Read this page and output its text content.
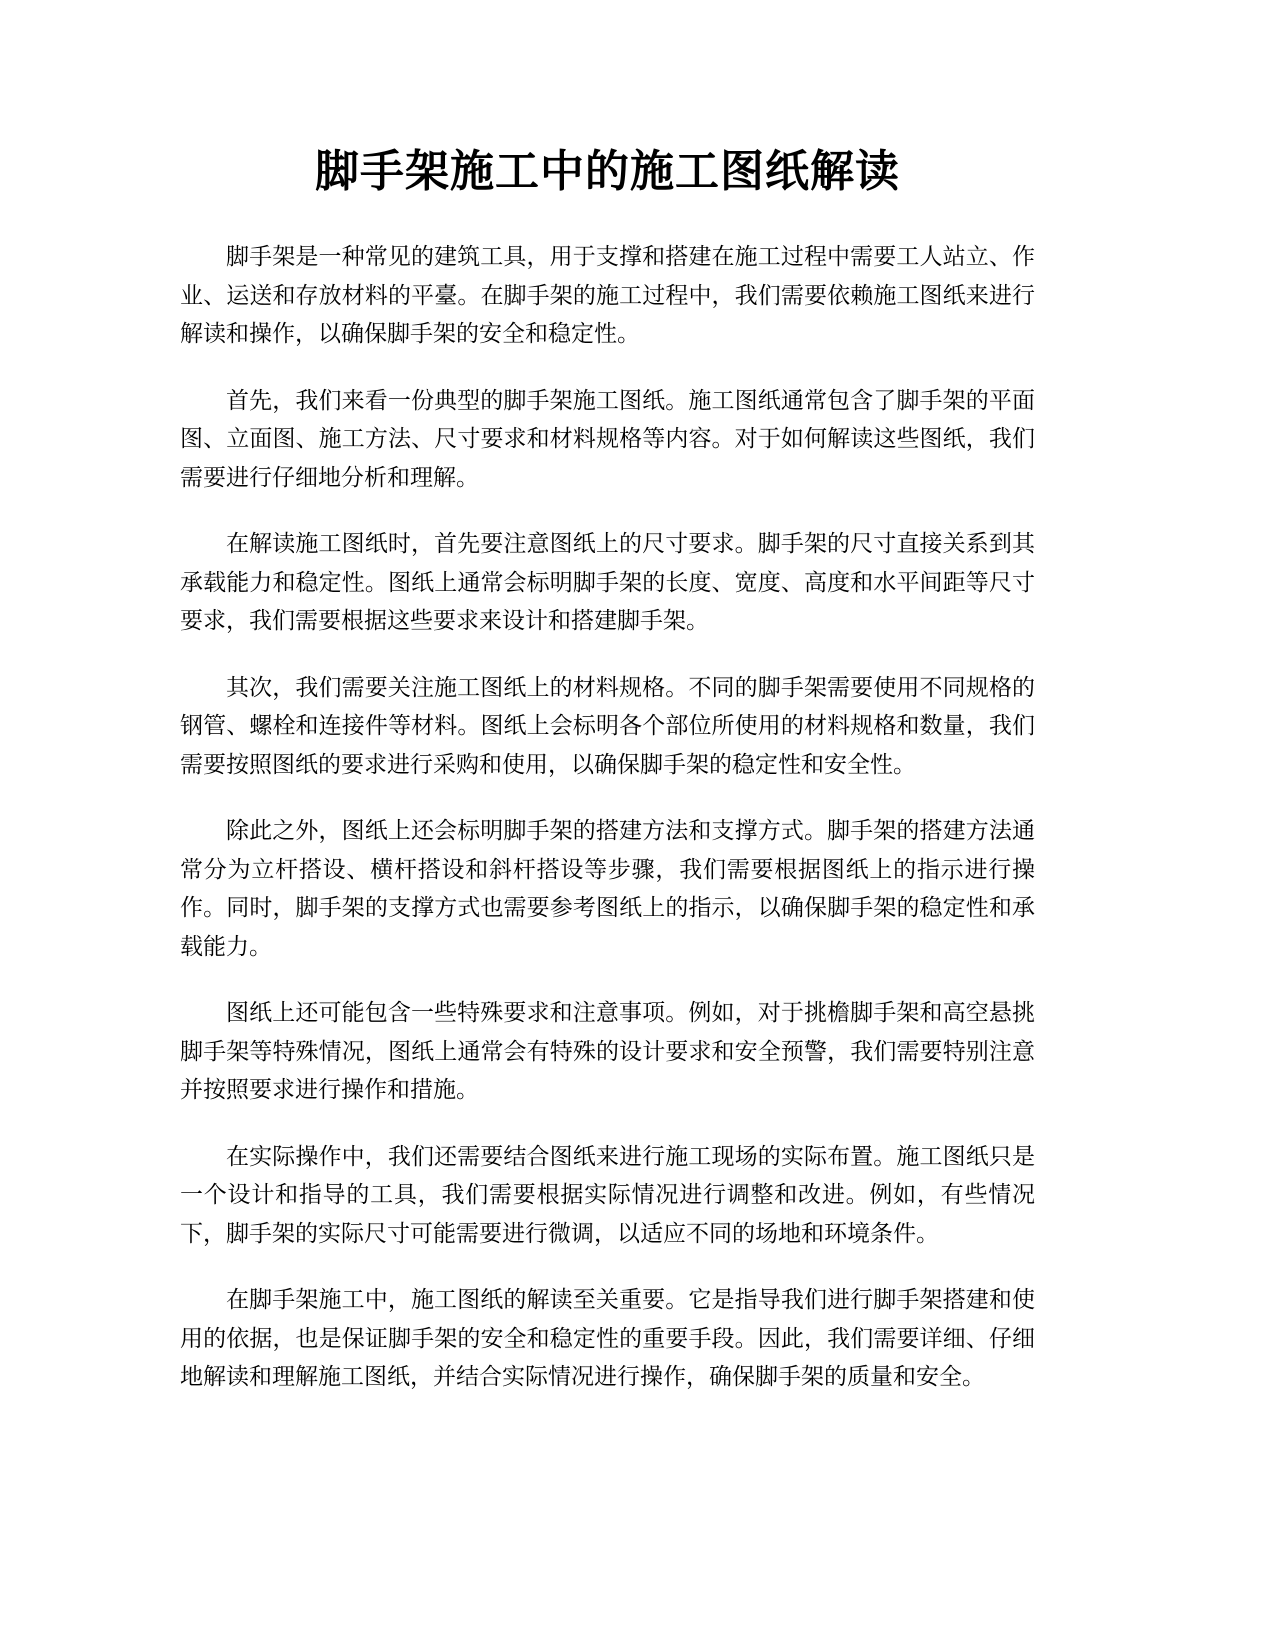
脚手架施工中的施工图纸解读

脚手架是一种常见的建筑工具，用于支撑和搭建在施工过程中需要工人站立、作业、运送和存放材料的平臺。在脚手架的施工过程中，我们需要依赖施工图纸来进行解读和操作，以确保脚手架的安全和稳定性。

首先，我们来看一份典型的脚手架施工图纸。施工图纸通常包含了脚手架的平面图、立面图、施工方法、尺寸要求和材料规格等内容。对于如何解读这些图纸，我们需要进行仔细地分析和理解。

在解读施工图纸时，首先要注意图纸上的尺寸要求。脚手架的尺寸直接关系到其承载能力和稳定性。图纸上通常会标明脚手架的长度、宽度、高度和水平间距等尺寸要求，我们需要根据这些要求来设计和搭建脚手架。

其次，我们需要关注施工图纸上的材料规格。不同的脚手架需要使用不同规格的钢管、螺栓和连接件等材料。图纸上会标明各个部位所使用的材料规格和数量，我们需要按照图纸的要求进行采购和使用，以确保脚手架的稳定性和安全性。

除此之外，图纸上还会标明脚手架的搭建方法和支撑方式。脚手架的搭建方法通常分为立杆搭设、横杆搭设和斜杆搭设等步骤，我们需要根据图纸上的指示进行操作。同时，脚手架的支撑方式也需要参考图纸上的指示，以确保脚手架的稳定性和承载能力。

图纸上还可能包含一些特殊要求和注意事项。例如，对于挑檐脚手架和高空悬挑脚手架等特殊情况，图纸上通常会有特殊的设计要求和安全预警，我们需要特别注意并按照要求进行操作和措施。

在实际操作中，我们还需要结合图纸来进行施工现场的实际布置。施工图纸只是一个设计和指导的工具，我们需要根据实际情况进行调整和改进。例如，有些情况下，脚手架的实际尺寸可能需要进行微调，以适应不同的场地和环境条件。

在脚手架施工中，施工图纸的解读至关重要。它是指导我们进行脚手架搭建和使用的依据，也是保证脚手架的安全和稳定性的重要手段。因此，我们需要详细、仔细地解读和理解施工图纸，并结合实际情况进行操作，确保脚手架的质量和安全。
